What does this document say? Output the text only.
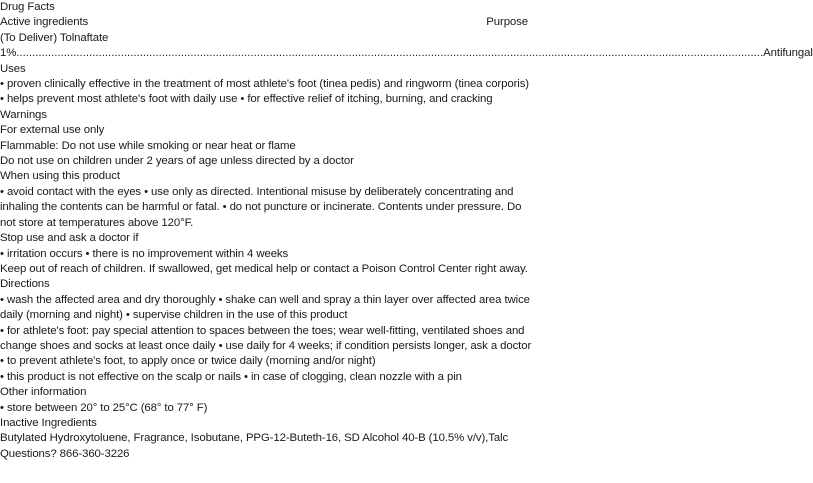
Drug Facts
Active ingredients	Purpose
(To Deliver) Tolnaftate
1% ............................................................................................................................................................................................................................................ Antifungal
Uses
• proven clinically effective in the treatment of most athlete's foot (tinea pedis) and ringworm (tinea corporis) • helps prevent most athlete's foot with daily use • for effective relief of itching, burning, and cracking
Warnings
For external use only
Flammable: Do not use while smoking or near heat or flame
Do not use on children under 2 years of age unless directed by a doctor
When using this product
• avoid contact with the eyes • use only as directed. Intentional misuse by deliberately concentrating and inhaling the contents can be harmful or fatal. • do not puncture or incinerate. Contents under pressure. Do not store at temperatures above 120°F.
Stop use and ask a doctor if
• irritation occurs • there is no improvement within 4 weeks
Keep out of reach of children. If swallowed, get medical help or contact a Poison Control Center right away.
Directions
• wash the affected area and dry thoroughly • shake can well and spray a thin layer over affected area twice daily (morning and night) • supervise children in the use of this product
• for athlete's foot: pay special attention to spaces between the toes; wear well-fitting, ventilated shoes and change shoes and socks at least once daily • use daily for 4 weeks; if condition persists longer, ask a doctor • to prevent athlete's foot, to apply once or twice daily (morning and/or night)
• this product is not effective on the scalp or nails • in case of clogging, clean nozzle with a pin
Other information
• store between 20° to 25°C (68° to 77° F)
Inactive Ingredients
Butylated Hydroxytoluene, Fragrance, Isobutane, PPG-12-Buteth-16, SD Alcohol 40-B (10.5% v/v),Talc
Questions? 866-360-3226
